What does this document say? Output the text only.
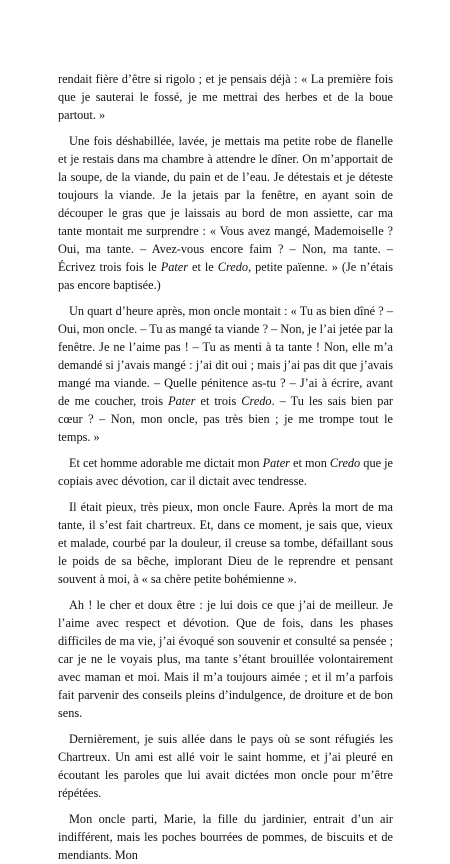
rendait fière d’être si rigolo ; et je pensais déjà : « La première fois que je sauterai le fossé, je me mettrai des herbes et de la boue partout. »

Une fois déshabillée, lavée, je mettais ma petite robe de flanelle et je restais dans ma chambre à attendre le dîner. On m’apportait de la soupe, de la viande, du pain et de l’eau. Je détestais et je déteste toujours la viande. Je la jetais par la fenêtre, en ayant soin de découper le gras que je laissais au bord de mon assiette, car ma tante montait me surprendre : « Vous avez mangé, Mademoiselle ? Oui, ma tante. – Avez-vous encore faim ? – Non, ma tante. – Écrivez trois fois le Pater et le Credo, petite païenne. » (Je n’étais pas encore baptisée.)

Un quart d’heure après, mon oncle montait : « Tu as bien dîné ? – Oui, mon oncle. – Tu as mangé ta viande ? – Non, je l’ai jetée par la fenêtre. Je ne l’aime pas ! – Tu as menti à ta tante ! Non, elle m’a demandé si j’avais mangé : j’ai dit oui ; mais j’ai pas dit que j’avais mangé ma viande. – Quelle pénitence as-tu ? – J’ai à écrire, avant de me coucher, trois Pater et trois Credo. – Tu les sais bien par cœur ? – Non, mon oncle, pas très bien ; je me trompe tout le temps. »

Et cet homme adorable me dictait mon Pater et mon Credo que je copiais avec dévotion, car il dictait avec tendresse.

Il était pieux, très pieux, mon oncle Faure. Après la mort de ma tante, il s’est fait chartreux. Et, dans ce moment, je sais que, vieux et malade, courbé par la douleur, il creuse sa tombe, défaillant sous le poids de sa bêche, implorant Dieu de le reprendre et pensant souvent à moi, à « sa chère petite bohémienne ».

Ah ! le cher et doux être : je lui dois ce que j’ai de meilleur. Je l’aime avec respect et dévotion. Que de fois, dans les phases difficiles de ma vie, j’ai évoqué son souvenir et consulté sa pensée ; car je ne le voyais plus, ma tante s’étant brouillée volontairement avec maman et moi. Mais il m’a toujours aimée ; et il m’a parfois fait parvenir des conseils pleins d’indulgence, de droiture et de bon sens.

Dernièrement, je suis allée dans le pays où se sont réfugiés les Chartreux. Un ami est allé voir le saint homme, et j’ai pleuré en écoutant les paroles que lui avait dictées mon oncle pour m’être répétées.

Mon oncle parti, Marie, la fille du jardinier, entrait d’un air indifférent, mais les poches bourrées de pommes, de biscuits et de mendiants. Mon
